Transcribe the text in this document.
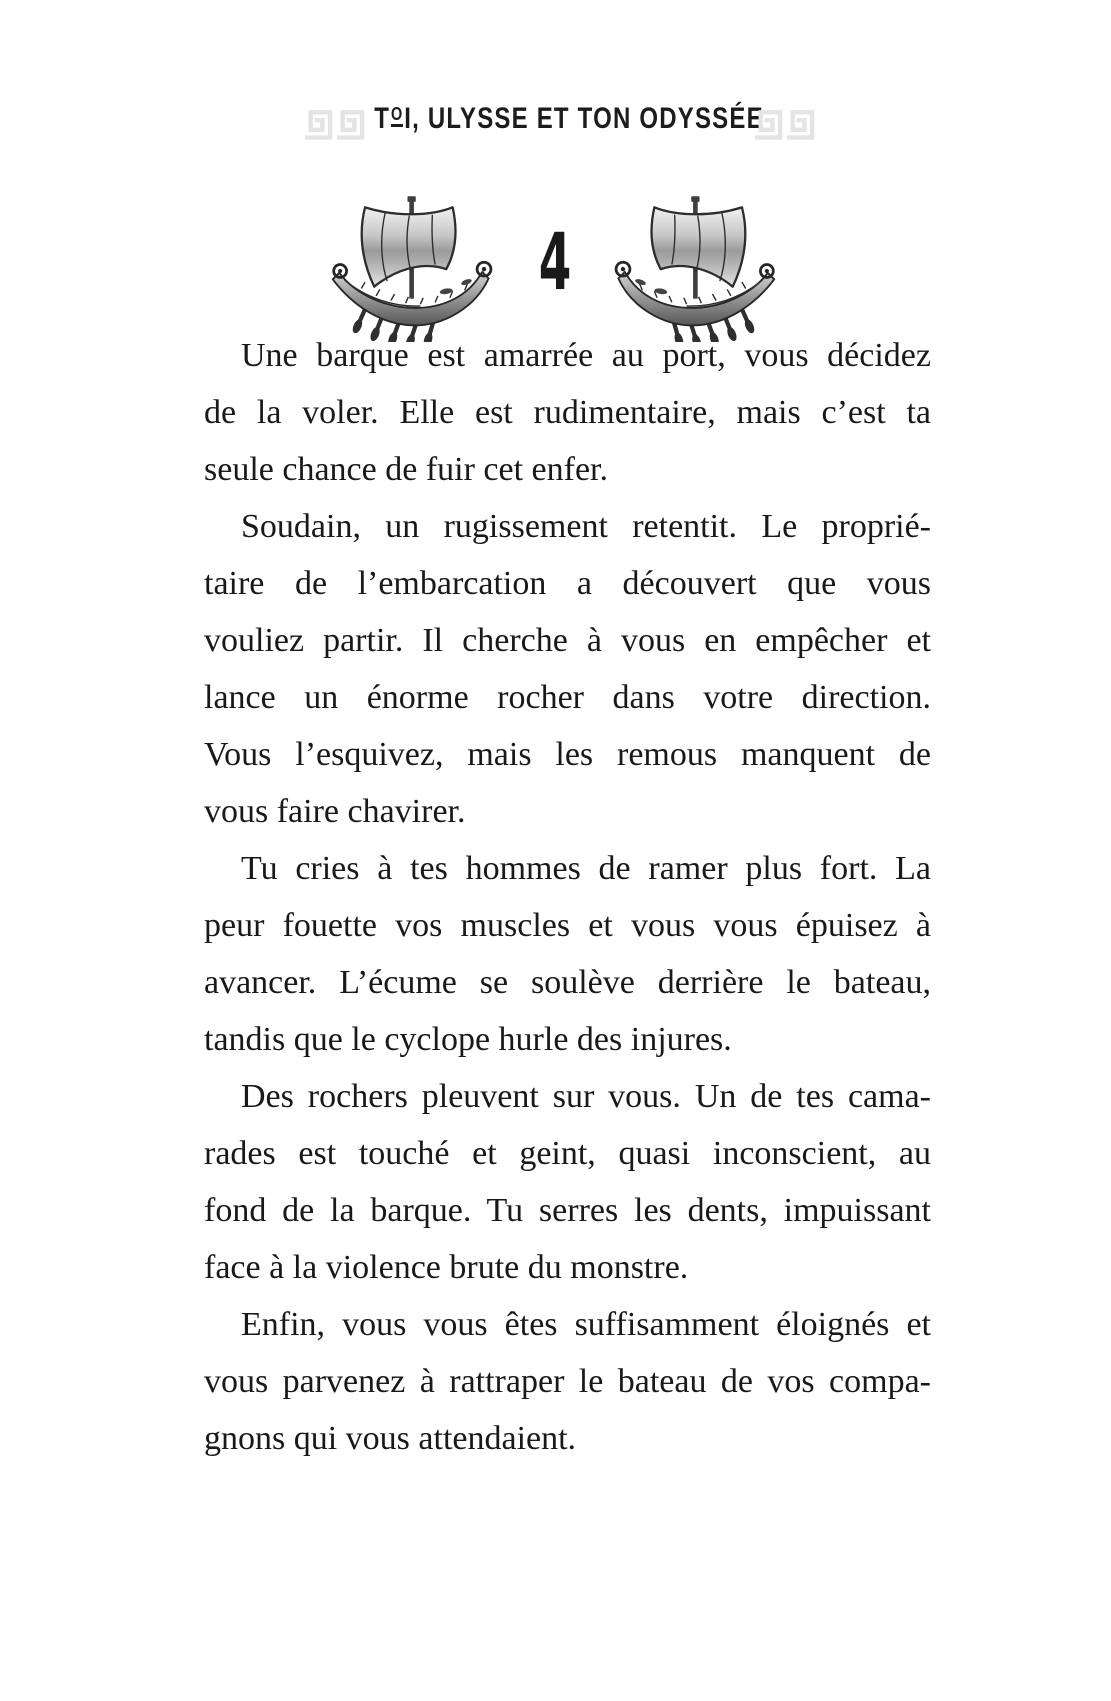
TOI, ULYSSE ET TON ODYSSÉE
4
Une barque est amarrée au port, vous décidez
de la voler. Elle est rudimentaire, mais c’est ta
seule chance de fuir cet enfer.
Soudain, un rugissement retentit. Le proprié-
taire de l’embarcation a découvert que vous
vouliez partir. Il cherche à vous en empêcher et
lance un énorme rocher dans votre direction.
Vous l’esquivez, mais les remous manquent de
vous faire chavirer.
Tu cries à tes hommes de ramer plus fort. La
peur fouette vos muscles et vous vous épuisez à
avancer. L’écume se soulève derrière le bateau,
tandis que le cyclope hurle des injures.
Des rochers pleuvent sur vous. Un de tes cama-
rades est touché et geint, quasi inconscient, au
fond de la barque. Tu serres les dents, impuissant
face à la violence brute du monstre.
Enfin, vous vous êtes suffisamment éloignés et
vous parvenez à rattraper le bateau de vos compa-
gnons qui vous attendaient.
